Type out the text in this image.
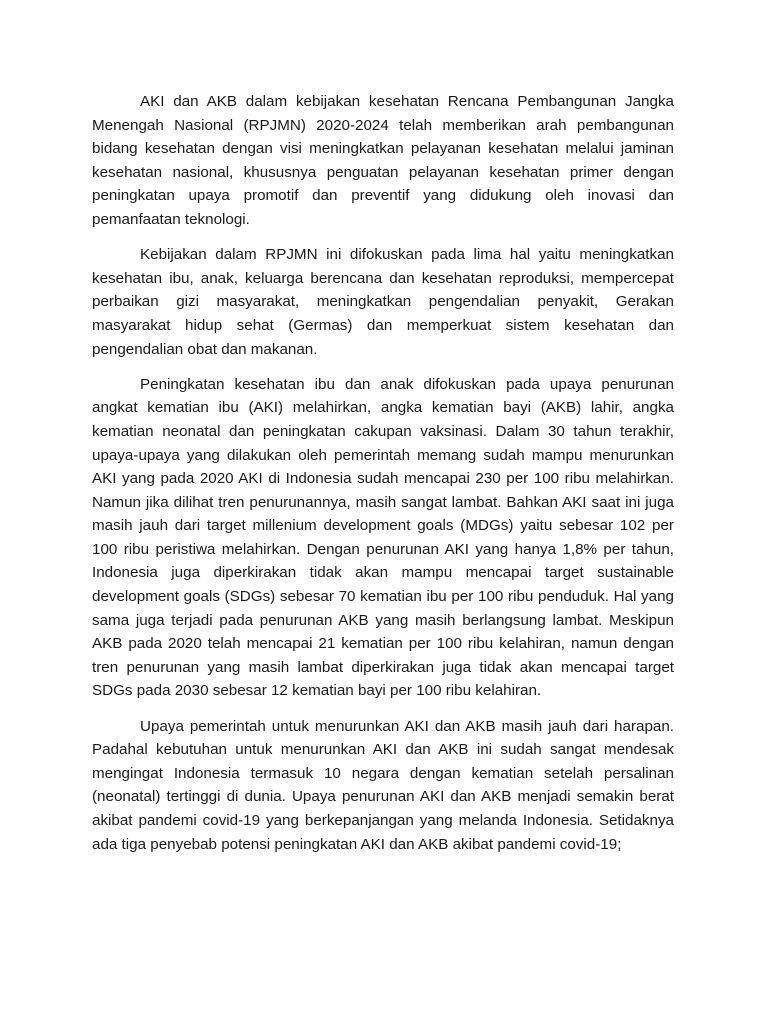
AKI dan AKB dalam kebijakan kesehatan Rencana Pembangunan Jangka Menengah Nasional (RPJMN) 2020-2024 telah memberikan arah pembangunan bidang kesehatan dengan visi meningkatkan pelayanan kesehatan melalui jaminan kesehatan nasional, khususnya penguatan pelayanan kesehatan primer dengan peningkatan upaya promotif dan preventif yang didukung oleh inovasi dan pemanfaatan teknologi.

Kebijakan dalam RPJMN ini difokuskan pada lima hal yaitu meningkatkan kesehatan ibu, anak, keluarga berencana dan kesehatan reproduksi, mempercepat perbaikan gizi masyarakat, meningkatkan pengendalian penyakit, Gerakan masyarakat hidup sehat (Germas) dan memperkuat sistem kesehatan dan pengendalian obat dan makanan.

Peningkatan kesehatan ibu dan anak difokuskan pada upaya penurunan angkat kematian ibu (AKI) melahirkan, angka kematian bayi (AKB) lahir, angka kematian neonatal dan peningkatan cakupan vaksinasi. Dalam 30 tahun terakhir, upaya-upaya yang dilakukan oleh pemerintah memang sudah mampu menurunkan AKI yang pada 2020 AKI di Indonesia sudah mencapai 230 per 100 ribu melahirkan. Namun jika dilihat tren penurunannya, masih sangat lambat. Bahkan AKI saat ini juga masih jauh dari target millenium development goals (MDGs) yaitu sebesar 102 per 100 ribu peristiwa melahirkan. Dengan penurunan AKI yang hanya 1,8% per tahun, Indonesia juga diperkirakan tidak akan mampu mencapai target sustainable development goals (SDGs) sebesar 70 kematian ibu per 100 ribu penduduk. Hal yang sama juga terjadi pada penurunan AKB yang masih berlangsung lambat. Meskipun AKB pada 2020 telah mencapai 21 kematian per 100 ribu kelahiran, namun dengan tren penurunan yang masih lambat diperkirakan juga tidak akan mencapai target SDGs pada 2030 sebesar 12 kematian bayi per 100 ribu kelahiran.

Upaya pemerintah untuk menurunkan AKI dan AKB masih jauh dari harapan. Padahal kebutuhan untuk menurunkan AKI dan AKB ini sudah sangat mendesak mengingat Indonesia termasuk 10 negara dengan kematian setelah persalinan (neonatal) tertinggi di dunia. Upaya penurunan AKI dan AKB menjadi semakin berat akibat pandemi covid-19 yang berkepanjangan yang melanda Indonesia. Setidaknya ada tiga penyebab potensi peningkatan AKI dan AKB akibat pandemi covid-19;
